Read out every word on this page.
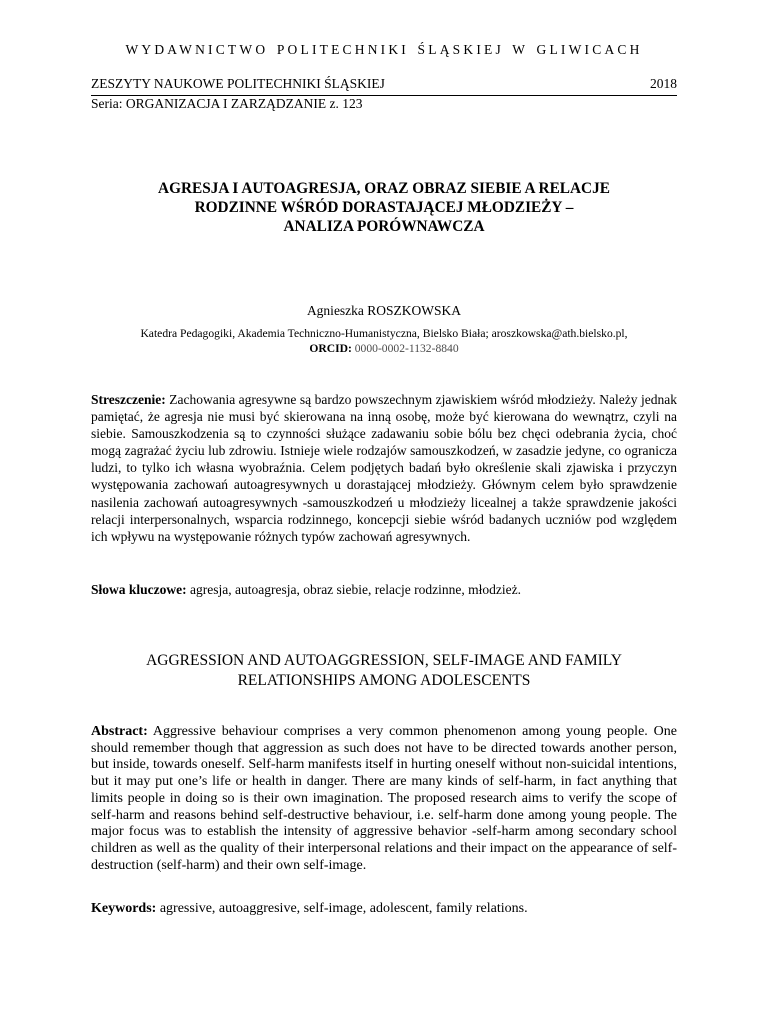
WYDAWNICTWO POLITECHNIKI ŚLĄSKIEJ W GLIWICACH
ZESZYTY NAUKOWE POLITECHNIKI ŚLĄSKIEJ	2018
Seria: ORGANIZACJA I ZARZĄDZANIE z. 123
AGRESJA I AUTOAGRESJA, ORAZ OBRAZ SIEBIE A RELACJE
RODZINNE WŚRÓD DORASTAJĄCEJ MŁODZIEŻY –
ANALIZA PORÓWNAWCZA
Agnieszka ROSZKOWSKA
Katedra Pedagogiki, Akademia Techniczno-Humanistyczna, Bielsko Biała; aroszkowska@ath.bielsko.pl,
ORCID: 0000-0002-1132-8840
Streszczenie: Zachowania agresywne są bardzo powszechnym zjawiskiem wśród młodzieży. Należy jednak pamiętać, że agresja nie musi być skierowana na inną osobę, może być kierowana do wewnątrz, czyli na siebie. Samouszkodzenia są to czynności służące zadawaniu sobie bólu bez chęci odebrania życia, choć mogą zagrażać życiu lub zdrowiu. Istnieje wiele rodzajów samouszkodzeń, w zasadzie jedyne, co ogranicza ludzi, to tylko ich własna wyobraźnia. Celem podjętych badań było określenie skali zjawiska i przyczyn występowania zachowań autoagresywnych u dorastającej młodzieży. Głównym celem było sprawdzenie nasilenia zachowań autoagresywnych -samouszkodzeń u młodzieży licealnej a także sprawdzenie jakości relacji interpersonalnych, wsparcia rodzinnego, koncepcji siebie wśród badanych uczniów pod względem ich wpływu na występowanie różnych typów zachowań agresywnych.
Słowa kluczowe: agresja, autoagresja, obraz siebie, relacje rodzinne, młodzież.
AGGRESSION AND AUTOAGGRESSION, SELF-IMAGE AND FAMILY
RELATIONSHIPS AMONG ADOLESCENTS
Abstract: Aggressive behaviour comprises a very common phenomenon among young people. One should remember though that aggression as such does not have to be directed towards another person, but inside, towards oneself. Self-harm manifests itself in hurting oneself without non-suicidal intentions, but it may put one’s life or health in danger. There are many kinds of self-harm, in fact anything that limits people in doing so is their own imagination. The proposed research aims to verify the scope of self-harm and reasons behind self-destructive behaviour, i.e. self-harm done among young people. The major focus was to establish the intensity of aggressive behavior -self-harm among secondary school children as well as the quality of their interpersonal relations and their impact on the appearance of self-destruction (self-harm) and their own self-image.
Keywords: agressive, autoaggresive, self-image, adolescent, family relations.
